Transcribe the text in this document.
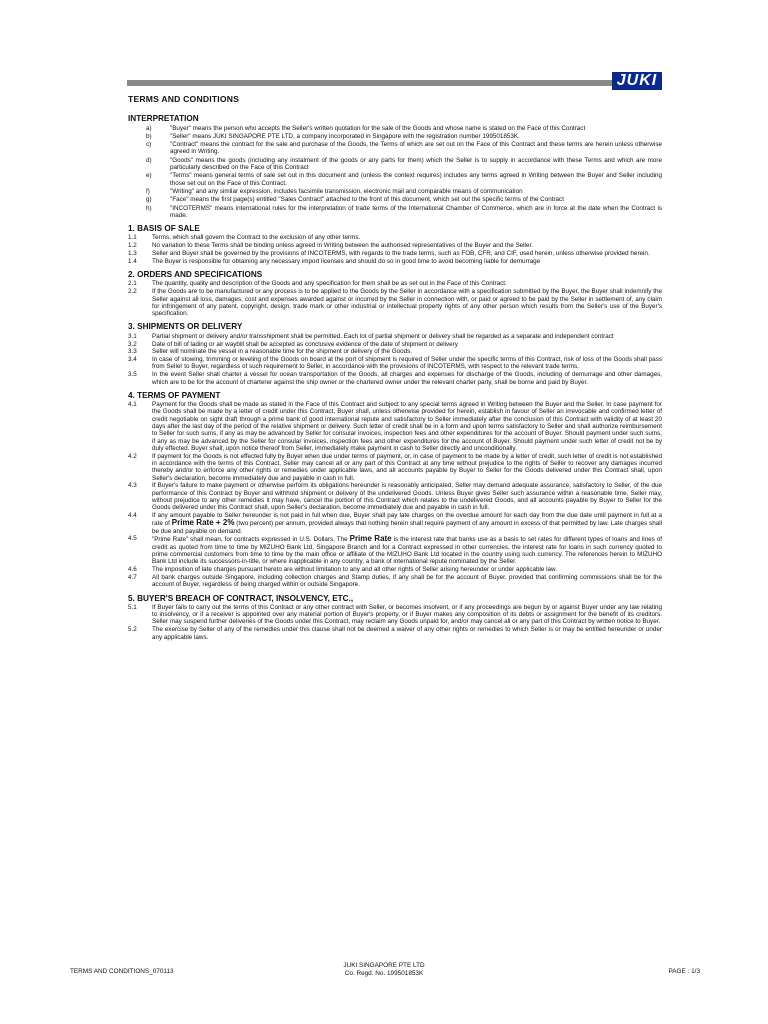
JUKI
TERMS AND CONDITIONS
INTERPRETATION
a)	"Buyer" means the person who accepts the Seller's written quotation for the sale of the Goods and whose name is stated on the Face of this Contract
b)	"Seller" means JUKI SINGAPORE PTE LTD, a company incorporated in Singapore with the registration number 199501853K.
c)	"Contract" means the contract for the sale and purchase of the Goods, the Terms of which are set out on the Face of this Contract and these terms are herein unless otherwise agreed in Writing.
d)	"Goods" means the goods (including any instalment of the goods or any parts for them) which the Seller is to supply in accordance with these Terms and which are more particularly described on the Face of this Contract
e)	"Terms" means general terms of sale set out in this document and (unless the context requires) includes any terms agreed in Writing between the Buyer and Seller including those set out on the Face of this Contract.
f)	"Writing" and any similar expression, includes facsimile transmission, electronic mail and comparable means of communication
g)	"Face" means the first page(s) entitled "Sales Contract" attached to the front of this document, which set out the specific terms of the Contract
h)	"INCOTERMS" means international rules for the interpretation of trade terms of the International Chamber of Commerce, which are in force at the date when the Contract is made.
1. BASIS OF SALE
1.1	Terms, which shall govern the Contract to the exclusion of any other terms.
1.2	No variation to these Terms shall be binding unless agreed in Writing between the authorised representatives of the Buyer and the Seller.
1.3	Seller and Buyer shall be governed by the provisions of INCOTERMS, with regards to the trade terms, such as FOB, CFR, and CIF, used herein, unless otherwise provided herein.
1.4	The Buyer is responsible for obtaining any necessary import licenses and should do so in good time to avoid becoming liable for demurrage
2. ORDERS AND SPECIFICATIONS
2.1	The quantity, quality and description of the Goods and any specification for them shall be as set out in the Face of this Contract.
2.2	If the Goods are to be manufactured or any process is to be applied to the Goods by the Seller in accordance with a specification submitted by the Buyer, the Buyer shall indemnify the Seller against all loss, damages, cost and expenses awarded against or incurred by the Seller in connection with, or paid or agreed to be paid by the Seller in settlement of, any claim for infringement of any patent, copyright, design, trade mark or other industrial or intellectual property rights of any other person which results from the Seller's use of the Buyer's specification.
3. SHIPMENTS OR DELIVERY
3.1	Partial shipment or delivery and/or transshipment shall be permitted. Each lot of partial shipment or delivery shall be regarded as a separate and independent contract
3.2	Date of bill of lading or air waybill shall be accepted as conclusive evidence of the date of shipment or delivery
3.3	Seller will nominate the vessel in a reasonable time for the shipment or delivery of the Goods.
3.4	In case of stowing, trimming or leveling of the Goods on board at the port of shipment is required of Seller under the specific terms of this Contract, risk of loss of the Goods shall pass from Seller to Buyer, regardless of such requirement to Seller, in accordance with the provisions of INCOTERMS, with respect to the relevant trade terms.
3.5	In the event Seller shall charter a vessel for ocean transportation of the Goods, all charges and expenses for discharge of the Goods, including of demurrage and other damages, which are to be for the account of charterer against the ship owner or the chartered owner under the relevant charter party, shall be borne and paid by Buyer.
4. TERMS OF PAYMENT
4.1	Payment for the Goods shall be made as stated in the Face of this Contract and subject to any special terms agreed in Writing between the Buyer and the Seller. In case payment for the Goods shall be made by a letter of credit under this Contract, Buyer shall, unless otherwise provided for herein, establish in favour of Seller an irrevocable and confirmed letter of credit negotiable on sight draft through a prime bank of good international repute and satisfactory to Seller immediately after the conclusion of this Contract with validity of at least 20 days after the last day of the period of the relative shipment or delivery. Such letter of credit shall be in a form and upon terms satisfactory to Seller and shall authorize reimbursement to Seller for such sums, if any as may be advanced by Seller for consular invoices, inspection fees and other expenditures for the account of Buyer. Should payment under such sums, if any as may be advanced by the Seller for consular invoices, inspection fees and other expenditures for the account of Buyer. Should payment under such letter of credit not be by duly effected. Buyer shall, upon notice thereof from Seller, immediately make payment in cash to Seller directly and unconditionally.
4.2	If payment for the Goods is not effected fully by Buyer when due under terms of payment, or, in case of payment to be made by a letter of credit, such letter of credit is not established in accordance with the terms of this Contract, Seller may cancel all or any part of this Contract at any time without prejudice to the rights of Seller to recover any damages incurred thereby and/or to enforce any other rights or remedies under applicable laws, and all accounts payable by Buyer to Seller for the Goods delivered under this Contract shall, upon Seller's declaration, become immediately due and payable in cash in full.
4.3	If Buyer's failure to make payment or otherwise perform its obligations hereunder is reasonably anticipated, Seller may demand adequate assurance, satisfactory to Seller, of the due performance of this Contract by Buyer and withhold shipment or delivery of the undelivered Goods. Unless Buyer gives Seller such assurance within a reasonable time, Seller may, without prejudice to any other remedies it may have, cancel the portion of this Contract which relates to the undelivered Goods, and all accounts payable by Buyer to Seller for the Goods delivered under this Contract shall, upon Seller's declaration, become immediately due and payable in cash in full.
4.4	If any amount payable to Seller hereunder is not paid in full when due, Buyer shall pay late charges on the overdue amount for each day from the due date until payment in full at a rate of Prime Rate + 2% (two percent) per annum, provided always that nothing herein shall require payment of any amount in excess of that permitted by law. Late charges shall be due and payable on demand.
4.5	"Prime Rate" shall mean, for contracts expressed in U.S. Dollars, The Prime Rate is the interest rate that banks use as a basis to set rates for different types of loans and lines of credit as quoted from time to time by MIZUHO Bank Ltd, Singapore Branch and for a Contract expressed in other currencies, the interest rate for loans in such currency quoted to prime commercial customers from time to time by the main office or affiliate of the MIZUHO Bank Ltd located in the country using such currency. The references herein to MIZUHO Bank Ltd include its successors-in-title, or where inapplicable in any country, a bank of international repute nominated by the Seller.
4.6	The imposition of late charges pursuant hereto are without limitation to any and all other rights of Seller arising hereunder or under applicable law.
4.7	All bank charges outside Singapore, including collection charges and Stamp duties, if any shall be for the account of Buyer, provided that confirming commissions shall be for the account of Buyer, regardless of being charged within or outside Singapore.
5. BUYER'S BREACH OF CONTRACT, INSOLVENCY, ETC.,
5.1	If Buyer fails to carry out the terms of this Contract or any other contract with Seller, or becomes insolvent, or if any proceedings are begun by or against Buyer under any law relating to insolvency, or if a receiver is appointed over any material portion of Buyer's property, or if Buyer makes any composition of its debts or assignment for the benefit of its creditors. Seller may suspend further deliveries of the Goods under this Contract, may reclaim any Goods unpaid for, and/or may cancel all or any part of this Contract by written notice to Buyer.
5.2	The exercise by Seller of any of the remedies under this clause shall not be deemed a waiver of any other rights or remedies to which Seller is or may be entitled hereunder or under any applicable laws.
TERMS AND CONDITIONS_070113
JUKI SINGAPORE PTE LTD
Co. Regd. No. 199501853K	PAGE : 1/3
